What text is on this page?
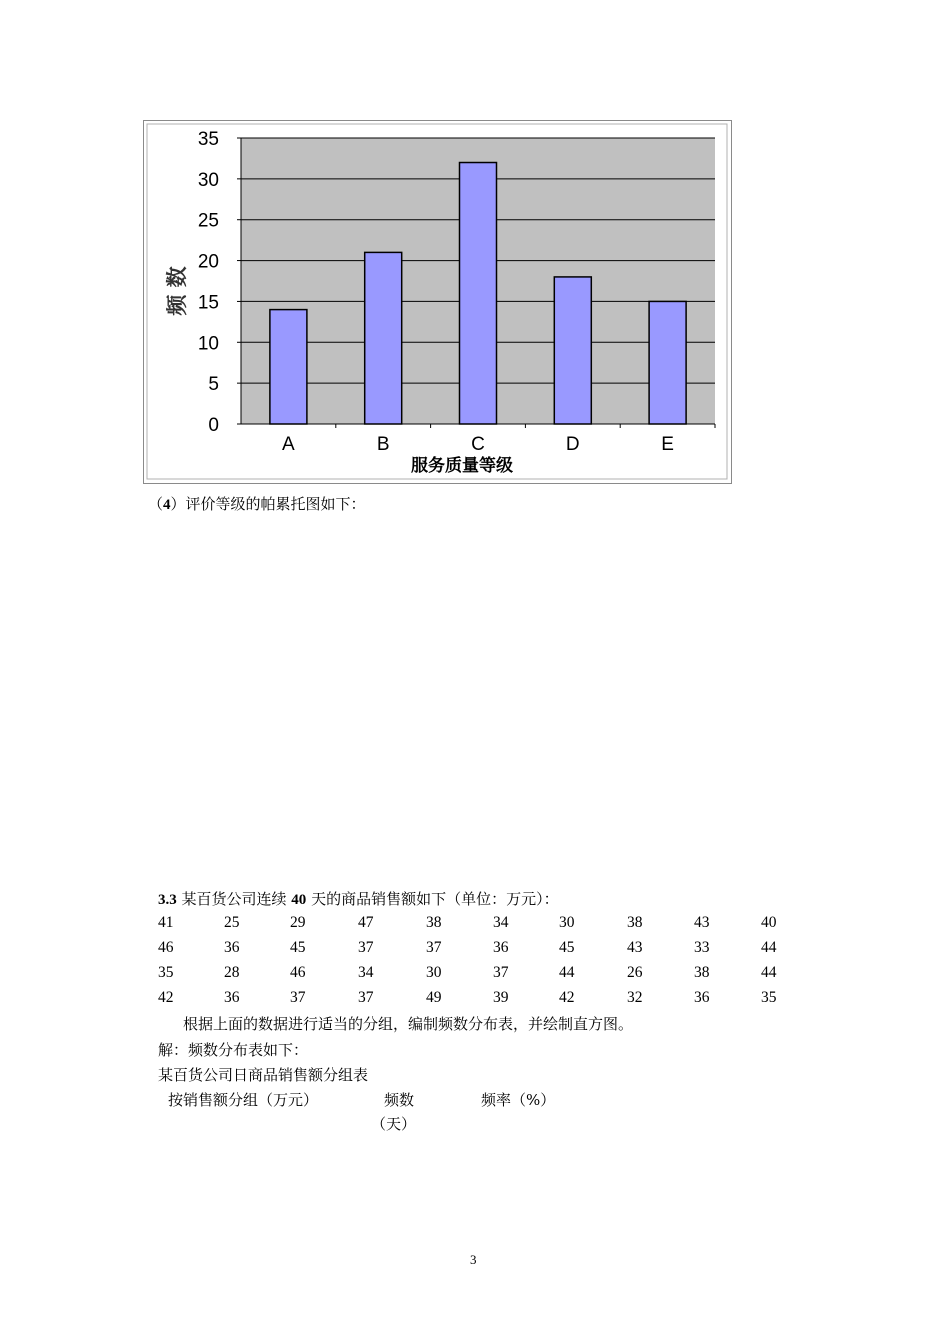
0
5
10
15
20
25
30
35
A	B	C	D	E
服务质量等级
频 数
（4）评价等级的帕累托图如下：
3.3 某百货公司连续 40 天的商品销售额如下（单位：万元）：
41	25	29	47	38	34	30	38	43	40
46	36	45	37	37	36	45	43	33	44
35	28	46	34	30	37	44	26	38	44
42	36	37	37	49	39	42	32	36	35
根据上面的数据进行适当的分组，编制频数分布表，并绘制直方图。
解：频数分布表如下：
某百货公司日商品销售额分组表
按销售额分组（万元）	频数	频率（%）
（天）
3
